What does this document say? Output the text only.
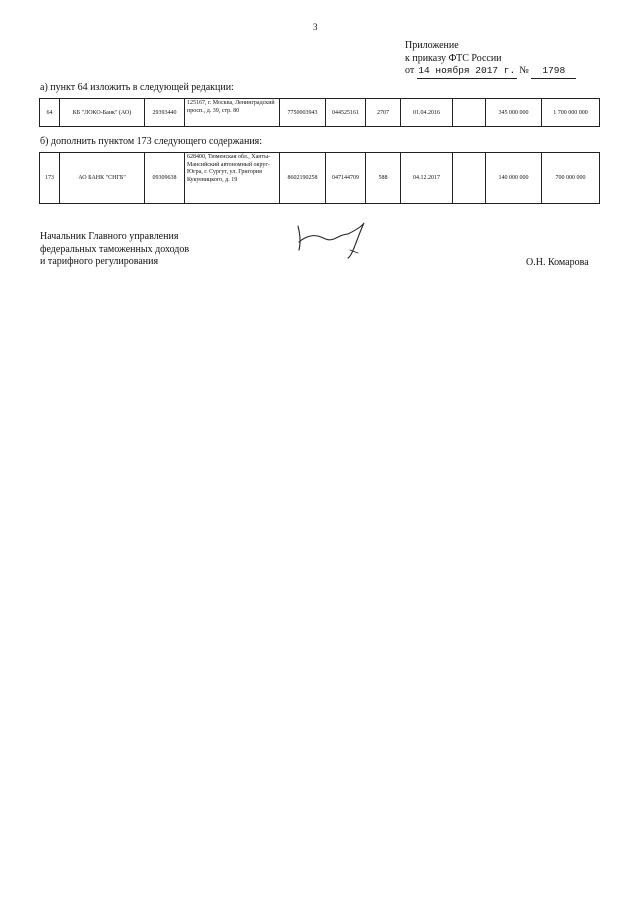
3
Приложение
к приказу ФТС России
от 14 ноября 2017 г. № 1798
а) пункт 64 изложить в следующей редакции:
64	КБ "ЛОКО-Банк" (АО)	29393440	125167, г. Москва, Ленинградский просп., д. 39, стр. 80	7750003943	044525161	2707	01.04.2016		345 000 000	1 700 000 000
б) дополнить пунктом 173 следующего содержания:
173	АО БАНК "СНГБ"	09309638	628400, Тюменская обл., Ханты-Мансийский автономный округ-Югра, г. Сургут, ул. Григория Кукуевицкого, д. 19	8602190258	047144709	588	04.12.2017		140 000 000	700 000 000
Начальник Главного управления
федеральных таможенных доходов
и тарифного регулирования	О.Н. Комарова
